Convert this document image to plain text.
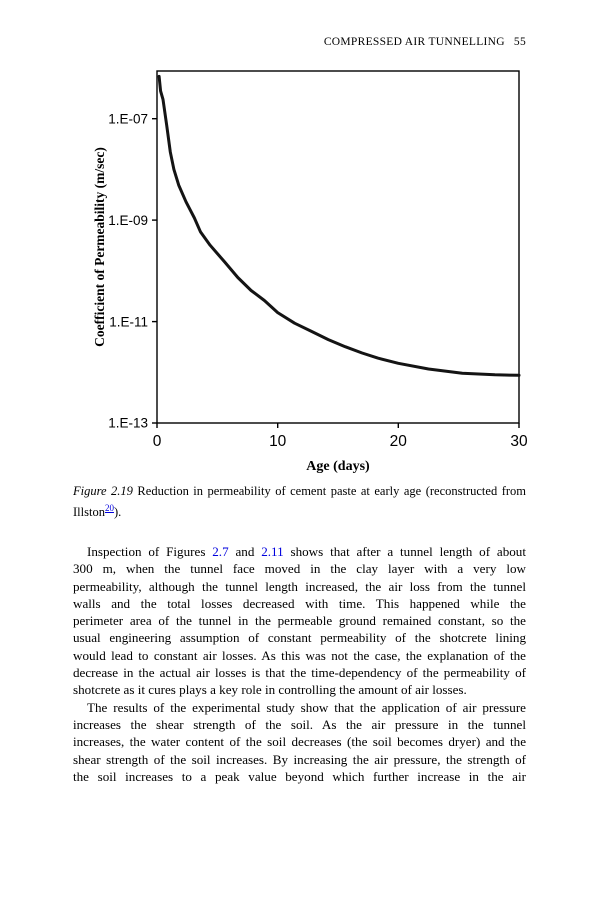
COMPRESSED AIR TUNNELLING 55
30
20
10
0
1.E-13
1.E-11
1.E-09
1.E-07
Coefficient of Permeability (m/sec)
Age (days)
Figure 2.19 Reduction in permeability of cement paste at early age (reconstructed from
Illston$^{20}$).
Inspection of Figures 2.7 and 2.11 shows that after a tunnel length of about
300 m, when the tunnel face moved in the clay layer with a very low
permeability, although the tunnel length increased, the air loss from the tunnel
walls and the total losses decreased with time. This happened while the
perimeter area of the tunnel in the permeable ground remained constant, so the
usual engineering assumption of constant permeability of the shotcrete lining
would lead to constant air losses. As this was not the case, the explanation of the
decrease in the actual air losses is that the time-dependency of the permeability of
shotcrete as it cures plays a key role in controlling the amount of air losses.
The results of the experimental study show that the application of air pressure
increases the shear strength of the soil. As the air pressure in the tunnel
increases, the water content of the soil decreases (the soil becomes dryer) and the
shear strength of the soil increases. By increasing the air pressure, the strength of
the soil increases to a peak value beyond which further increase in the air
